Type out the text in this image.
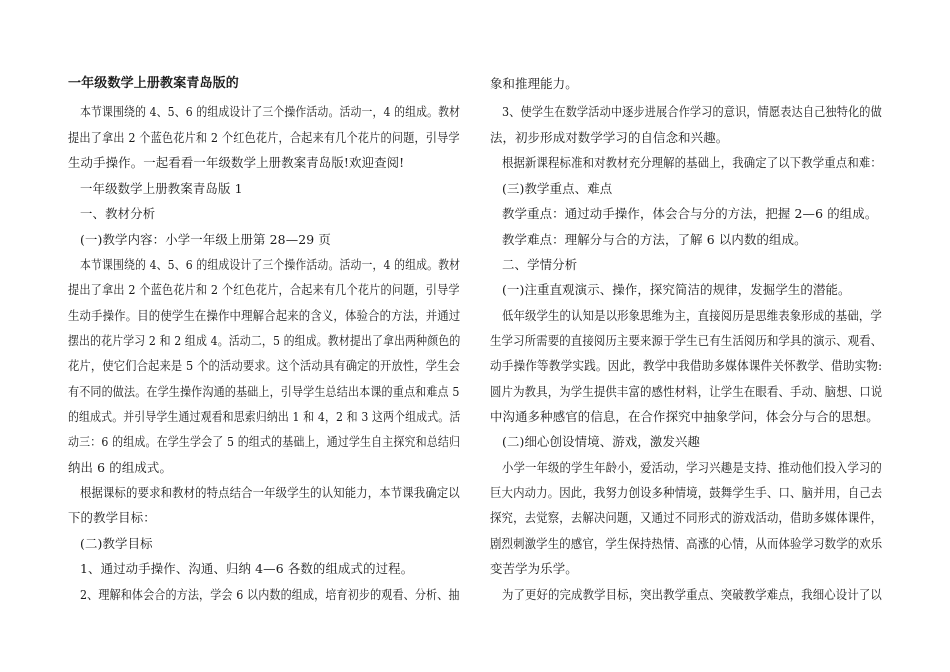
一年级数学上册教案青岛版的
本节课围绕的 4、5、6 的组成设计了三个操作活动。活动一，4 的组成。教材
提出了拿出 2 个蓝色花片和 2 个红色花片，合起来有几个花片的问题，引导学
生动手操作。一起看看一年级数学上册教案青岛版!欢迎查阅!
一年级数学上册教案青岛版 1
一、教材分析
(一)教学内容：小学一年级上册第 28—29 页
本节课围绕的 4、5、6 的组成设计了三个操作活动。活动一，4 的组成。教材
提出了拿出 2 个蓝色花片和 2 个红色花片，合起来有几个花片的问题，引导学
生动手操作。目的使学生在操作中理解合起来的含义，体验合的方法，并通过
摆出的花片学习 2 和 2 组成 4。活动二，5 的组成。教材提出了拿出两种颜色的
花片，使它们合起来是 5 个的活动要求。这个活动具有确定的开放性，学生会
有不同的做法。在学生操作沟通的基础上，引导学生总结出本课的重点和难点 5
的组成式。并引导学生通过观看和思索归纳出 1 和 4，2 和 3 这两个组成式。活
动三：6 的组成。在学生学会了 5 的组式的基础上，通过学生自主探究和总结归
纳出 6 的组成式。
根据课标的要求和教材的特点结合一年级学生的认知能力，本节课我确定以
下的教学目标：
(二)教学目标
1、通过动手操作、沟通、归纳 4—6 各数的组成式的过程。
2、理解和体会合的方法，学会 6 以内数的组成，培育初步的观看、分析、抽
象和推理能力。
3、使学生在数学活动中逐步进展合作学习的意识，情愿表达自己独特化的做
法，初步形成对数学学习的自信念和兴趣。
根据新课程标准和对教材充分理解的基础上，我确定了以下教学重点和难：
(三)教学重点、难点
教学重点：通过动手操作，体会合与分的方法，把握 2—6 的组成。
教学难点：理解分与合的方法，了解 6 以内数的组成。
二、学情分析
(一)注重直观演示、操作，探究简洁的规律，发掘学生的潜能。
低年级学生的认知是以形象思维为主，直接阅历是思维表象形成的基础，学
生学习所需要的直接阅历主要来源于学生已有生活阅历和学具的演示、观看、
动手操作等教学实践。因此，教学中我借助多媒体课件关怀教学、借助实物:
圆片为教具，为学生提供丰富的感性材料，让学生在眼看、手动、脑想、口说
中沟通多种感官的信息，在合作探究中抽象学问，体会分与合的思想。
(二)细心创设情境、游戏，激发兴趣
小学一年级的学生年龄小，爱活动，学习兴趣是支持、推动他们投入学习的
巨大内动力。因此，我努力创设多种情境，鼓舞学生手、口、脑并用，自己去
探究，去觉察，去解决问题，又通过不同形式的游戏活动，借助多媒体课件，
剧烈刺激学生的感官，学生保持热情、高涨的心情，从而体验学习数学的欢乐
变苦学为乐学。
为了更好的完成教学目标，突出教学重点、突破教学难点，我细心设计了以
